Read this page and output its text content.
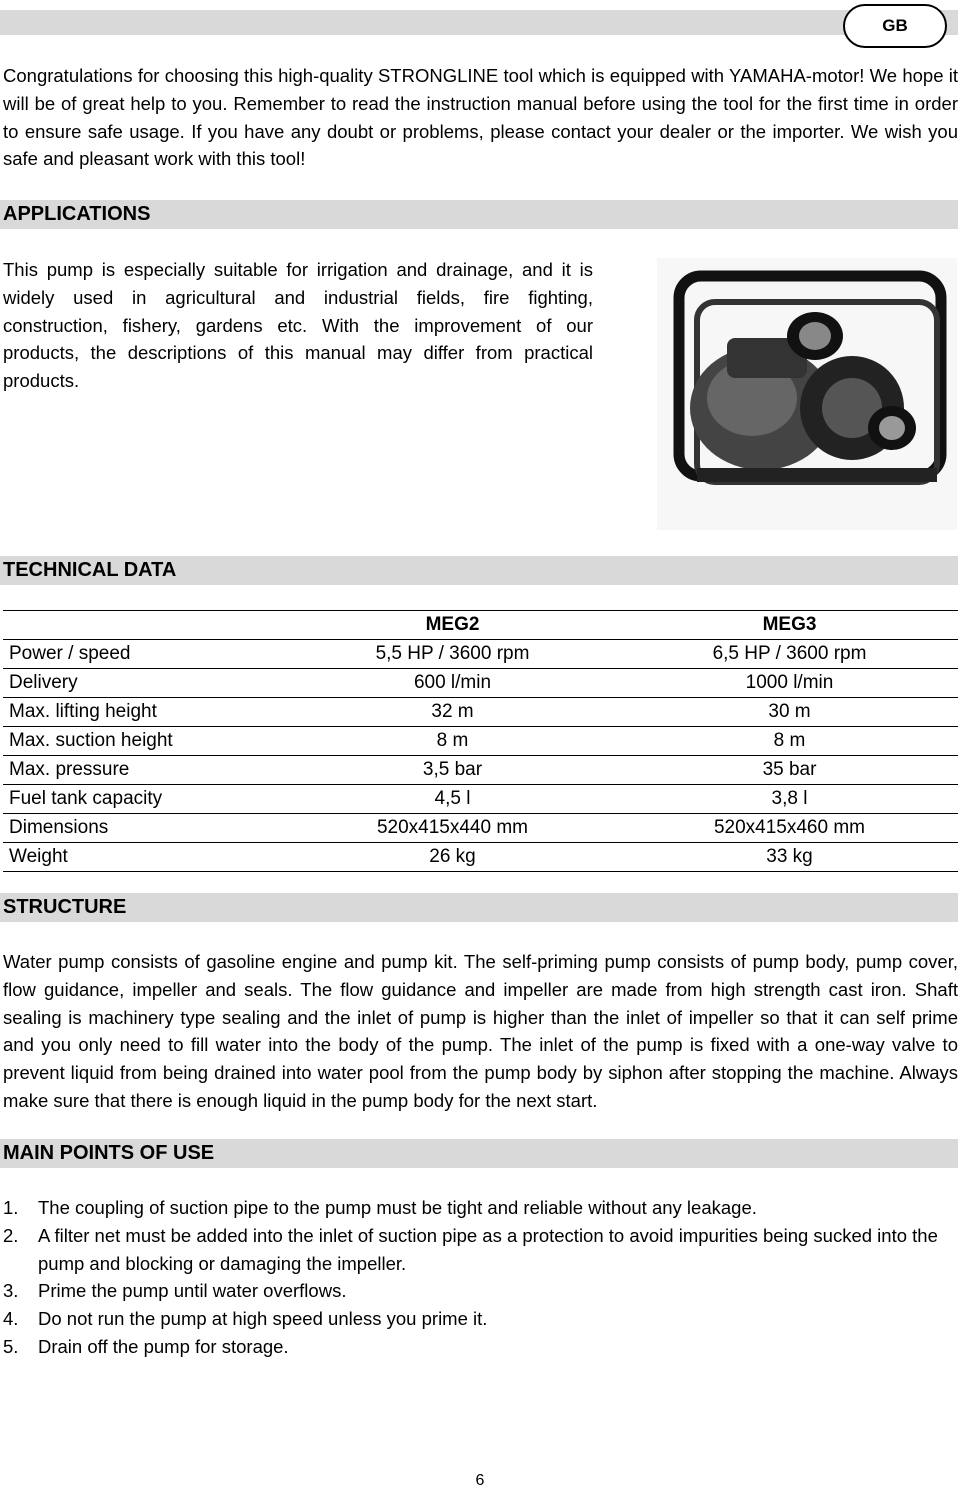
GB
Congratulations for choosing this high-quality STRONGLINE tool which is equipped with YAMAHA-motor! We hope it will be of great help to you. Remember to read the instruction manual before using the tool for the first time in order to ensure safe usage. If you have any doubt or problems, please contact your dealer or the importer. We wish you safe and pleasant work with this tool!
APPLICATIONS
This pump is especially suitable for irrigation and drainage, and it is widely used in agricultural and industrial fields, fire fighting, construction, fishery, gardens etc. With the improvement of our products, the descriptions of this manual may differ from practical products.
TECHNICAL DATA
	MEG2	MEG3
Power / speed	5,5 HP / 3600 rpm	6,5 HP / 3600 rpm
Delivery	600 l/min	1000 l/min
Max. lifting height	32 m	30 m
Max. suction height	8 m	8 m
Max. pressure	3,5 bar	35 bar
Fuel tank capacity	4,5 l	3,8 l
Dimensions	520x415x440 mm	520x415x460 mm
Weight	26 kg	33 kg
STRUCTURE
Water pump consists of gasoline engine and pump kit. The self-priming pump consists of pump body, pump cover, flow guidance, impeller and seals. The flow guidance and impeller are made from high strength cast iron. Shaft sealing is machinery type sealing and the inlet of pump is higher than the inlet of impeller so that it can self prime and you only need to fill water into the body of the pump. The inlet of the pump is fixed with a one-way valve to prevent liquid from being drained into water pool from the pump body by siphon after stopping the machine. Always make sure that there is enough liquid in the pump body for the next start.
MAIN POINTS OF USE
1.	The coupling of suction pipe to the pump must be tight and reliable without any leakage.
2.	A filter net must be added into the inlet of suction pipe as a protection to avoid impurities being sucked into the pump and blocking or damaging the impeller.
3.	Prime the pump until water overflows.
4.	Do not run the pump at high speed unless you prime it.
5.	Drain off the pump for storage.
6
